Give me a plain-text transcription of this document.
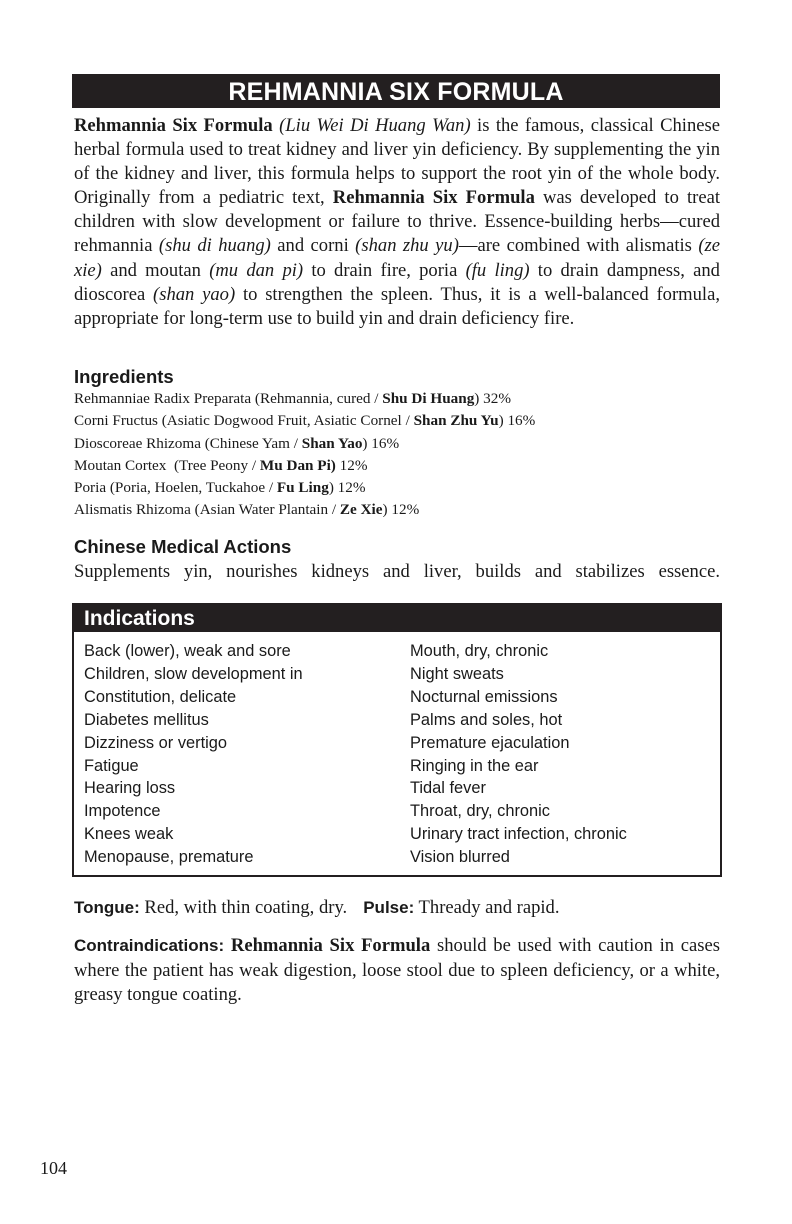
REHMANNIA SIX FORMULA

Rehmannia Six Formula (Liu Wei Di Huang Wan) is the famous, classical Chinese herbal formula used to treat kidney and liver yin deficiency. By supplementing the yin of the kidney and liver, this formula helps to support the root yin of the whole body. Originally from a pediatric text, Rehmannia Six Formula was developed to treat children with slow development or failure to thrive. Essence-building herbs—cured rehmannia (shu di huang) and corni (shan zhu yu)—are combined with alismatis (ze xie) and moutan (mu dan pi) to drain fire, poria (fu ling) to drain dampness, and dioscorea (shan yao) to strengthen the spleen. Thus, it is a well-balanced formula, appropriate for long-term use to build yin and drain deficiency fire.

Ingredients
Rehmanniae Radix Preparata (Rehmannia, cured / Shu Di Huang) 32%
Corni Fructus (Asiatic Dogwood Fruit, Asiatic Cornel / Shan Zhu Yu) 16%
Dioscoreae Rhizoma (Chinese Yam / Shan Yao) 16%
Moutan Cortex  (Tree Peony / Mu Dan Pi) 12%
Poria (Poria, Hoelen, Tuckahoe / Fu Ling) 12%
Alismatis Rhizoma (Asian Water Plantain / Ze Xie) 12%
Chinese Medical Actions
Supplements yin, nourishes kidneys and liver, builds and stabilizes essence.
Indications
Back (lower), weak and sore
Children, slow development in
Constitution, delicate
Diabetes mellitus
Dizziness or vertigo
Fatigue
Hearing loss
Impotence
Knees weak
Menopause, premature
Mouth, dry, chronic
Night sweats
Nocturnal emissions
Palms and soles, hot
Premature ejaculation
Ringing in the ear
Tidal fever
Throat, dry, chronic
Urinary tract infection, chronic
Vision blurred
Tongue: Red, with thin coating, dry. Pulse: Thready and rapid.

Contraindications: Rehmannia Six Formula should be used with caution in cases where the patient has weak digestion, loose stool due to spleen deficiency, or a white, greasy tongue coating.

104
